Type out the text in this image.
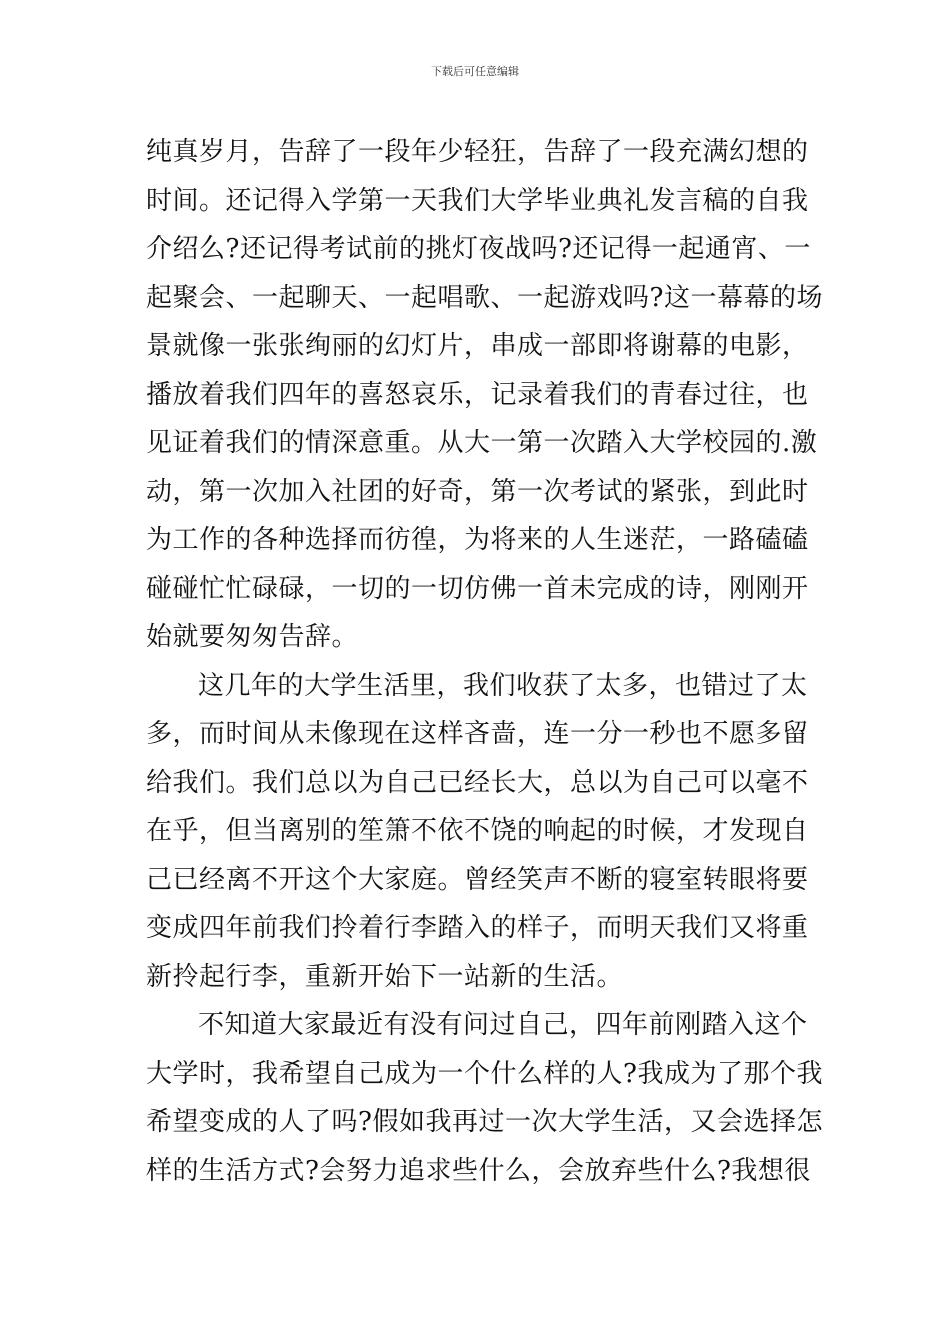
下载后可任意编辑
纯真岁月，告辞了一段年少轻狂，告辞了一段充满幻想的
时间。还记得入学第一天我们大学毕业典礼发言稿的自我
介绍么?还记得考试前的挑灯夜战吗?还记得一起通宵、一
起聚会、一起聊天、一起唱歌、一起游戏吗?这一幕幕的场
景就像一张张绚丽的幻灯片，串成一部即将谢幕的电影，
播放着我们四年的喜怒哀乐，记录着我们的青春过往，也
见证着我们的情深意重。从大一第一次踏入大学校园的.激
动，第一次加入社团的好奇，第一次考试的紧张，到此时
为工作的各种选择而彷徨，为将来的人生迷茫，一路磕磕
碰碰忙忙碌碌，一切的一切仿佛一首未完成的诗，刚刚开
始就要匆匆告辞。
这几年的大学生活里，我们收获了太多，也错过了太
多，而时间从未像现在这样吝啬，连一分一秒也不愿多留
给我们。我们总以为自己已经长大，总以为自己可以毫不
在乎，但当离别的笙箫不依不饶的响起的时候，才发现自
己已经离不开这个大家庭。曾经笑声不断的寝室转眼将要
变成四年前我们拎着行李踏入的样子，而明天我们又将重
新拎起行李，重新开始下一站新的生活。
不知道大家最近有没有问过自己，四年前刚踏入这个
大学时，我希望自己成为一个什么样的人?我成为了那个我
希望变成的人了吗?假如我再过一次大学生活，又会选择怎
样的生活方式?会努力追求些什么，会放弃些什么?我想很
